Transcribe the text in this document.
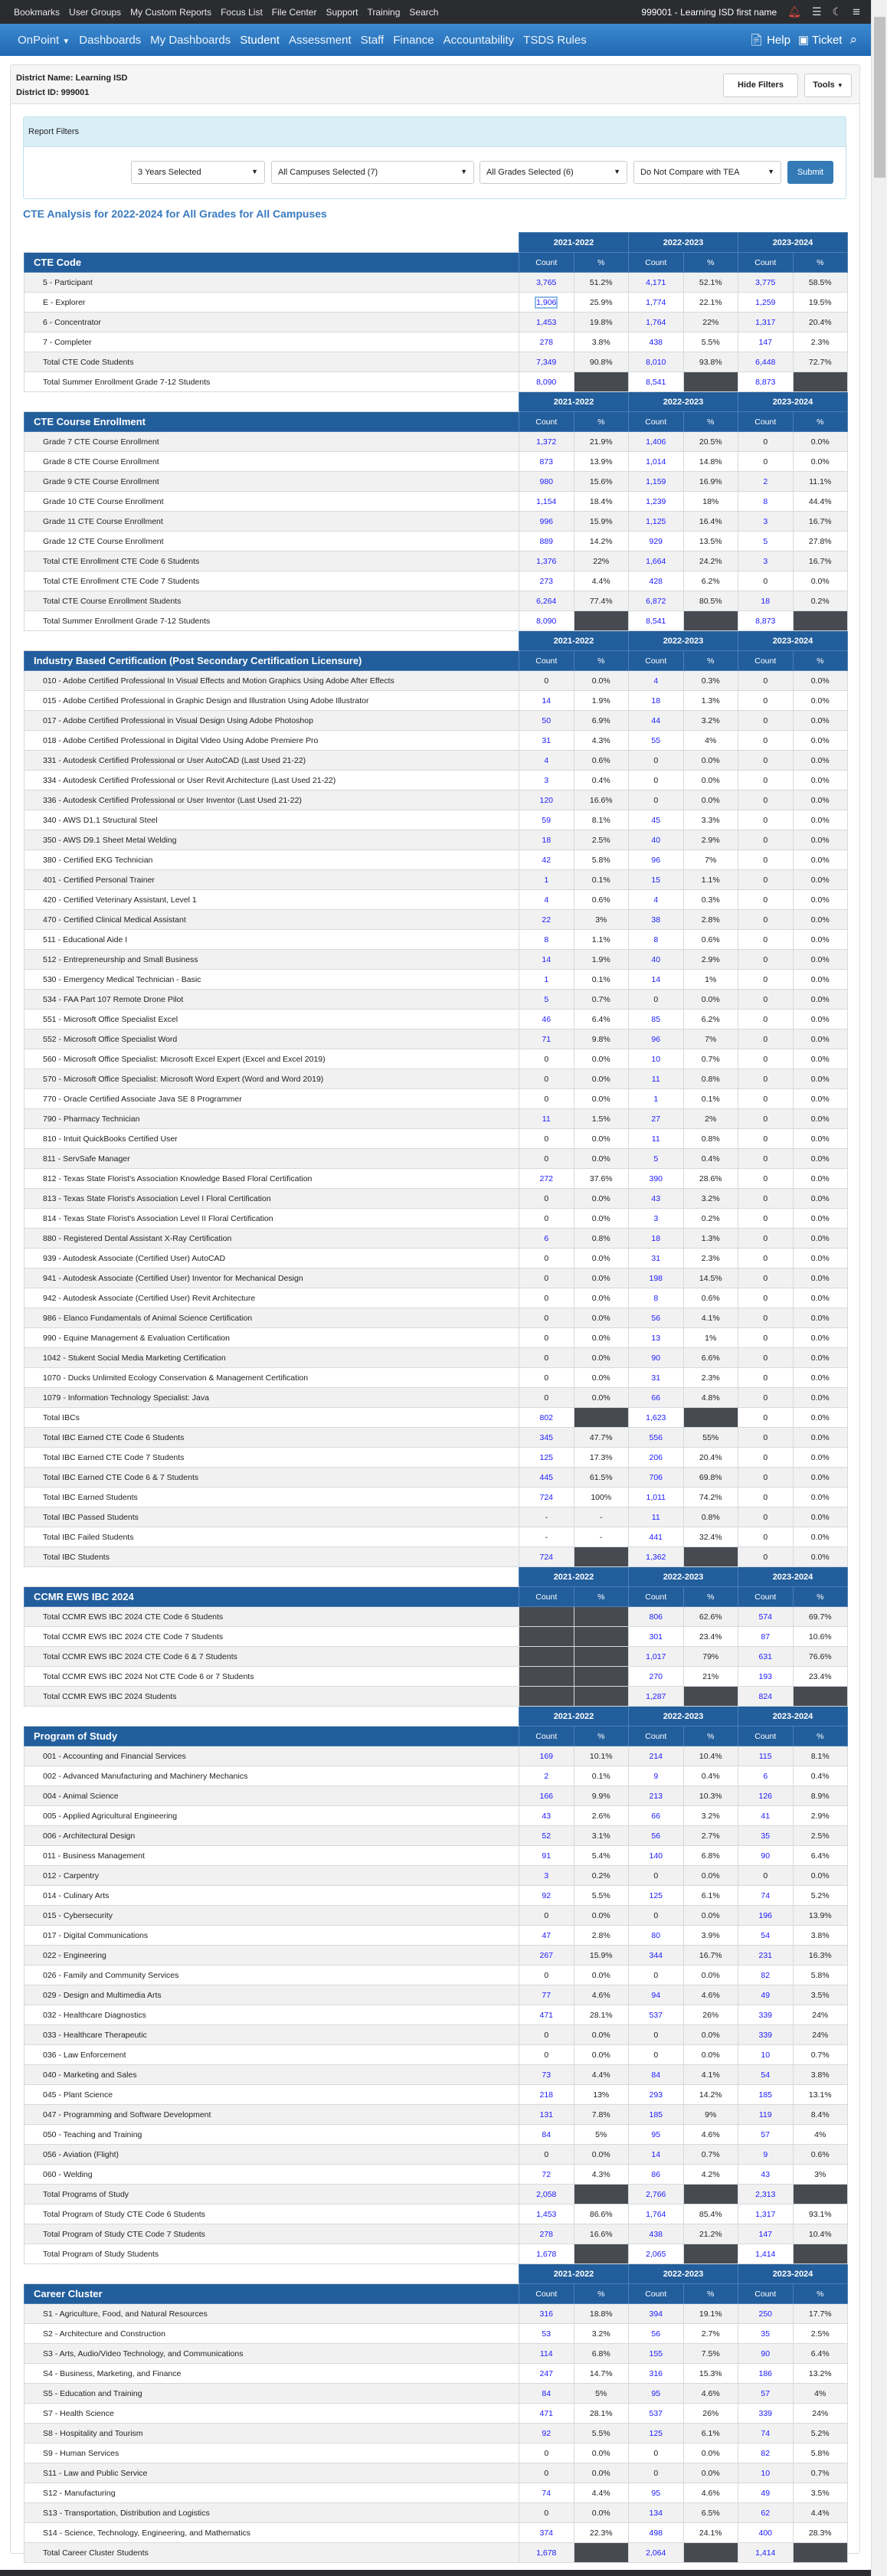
Bookmarks User Groups My Custom Reports Focus List File Center Support Training Search	999001 - Learning ISD first name 🔔︎ ☰ ☾ ≡
OnPoint ▼ Dashboards My Dashboards Student Assessment Staff Finance Accountability TSDS Rules	📄︎ Help ▣ Ticket ⌕
District Name: Learning ISD
District ID: 999001
Hide Filters	Tools
▼
Report Filters
3 Years Selected	▼	All Campuses Selected (7)	▼	All Grades Selected (6)	▼	Do Not Compare with TEA	▼	Submit
CTE Analysis for 2022-2024 for All Grades for All Campuses
	2021-2022		2022-2023		2023-2024	
CTE Code	Count	%	Count	%	Count	%
5 - Participant	3,765	51.2%	4,171	52.1%	3,775	58.5%
E - Explorer	1,906	25.9%	1,774	22.1%	1,259	19.5%
6 - Concentrator	1,453	19.8%	1,764	22%	1,317	20.4%
7 - Completer	278	3.8%	438	5.5%	147	2.3%
Total CTE Code Students	7,349	90.8%	8,010	93.8%	6,448	72.7%
Total Summer Enrollment Grade 7-12 Students	8,090		8,541		8,873	
	2021-2022		2022-2023		2023-2024	
CTE Course Enrollment	Count	%	Count	%	Count	%
Grade 7 CTE Course Enrollment	1,372	21.9%	1,406	20.5%	0	0.0%
Grade 8 CTE Course Enrollment	873	13.9%	1,014	14.8%	0	0.0%
Grade 9 CTE Course Enrollment	980	15.6%	1,159	16.9%	2	11.1%
Grade 10 CTE Course Enrollment	1,154	18.4%	1,239	18%	8	44.4%
Grade 11 CTE Course Enrollment	996	15.9%	1,125	16.4%	3	16.7%
Grade 12 CTE Course Enrollment	889	14.2%	929	13.5%	5	27.8%
Total CTE Enrollment CTE Code 6 Students	1,376	22%	1,664	24.2%	3	16.7%
Total CTE Enrollment CTE Code 7 Students	273	4.4%	428	6.2%	0	0.0%
Total CTE Course Enrollment Students	6,264	77.4%	6,872	80.5%	18	0.2%
Total Summer Enrollment Grade 7-12 Students	8,090		8,541		8,873	
	2021-2022		2022-2023		2023-2024	
Industry Based Certification (Post Secondary Certification Licensure)	Count	%	Count	%	Count	%
010 - Adobe Certified Professional In Visual Effects and Motion Graphics Using Adobe After Effects	0	0.0%	4	0.3%	0	0.0%
015 - Adobe Certified Professional in Graphic Design and Illustration Using Adobe Illustrator	14	1.9%	18	1.3%	0	0.0%
017 - Adobe Certified Professional in Visual Design Using Adobe Photoshop	50	6.9%	44	3.2%	0	0.0%
018 - Adobe Certified Professional in Digital Video Using Adobe Premiere Pro	31	4.3%	55	4%	0	0.0%
331 - Autodesk Certified Professional or User AutoCAD (Last Used 21-22)	4	0.6%	0	0.0%	0	0.0%
334 - Autodesk Certified Professional or User Revit Architecture (Last Used 21-22)	3	0.4%	0	0.0%	0	0.0%
336 - Autodesk Certified Professional or User Inventor (Last Used 21-22)	120	16.6%	0	0.0%	0	0.0%
340 - AWS D1.1 Structural Steel	59	8.1%	45	3.3%	0	0.0%
350 - AWS D9.1 Sheet Metal Welding	18	2.5%	40	2.9%	0	0.0%
380 - Certified EKG Technician	42	5.8%	96	7%	0	0.0%
401 - Certified Personal Trainer	1	0.1%	15	1.1%	0	0.0%
420 - Certified Veterinary Assistant, Level 1	4	0.6%	4	0.3%	0	0.0%
470 - Certified Clinical Medical Assistant	22	3%	38	2.8%	0	0.0%
511 - Educational Aide I	8	1.1%	8	0.6%	0	0.0%
512 - Entrepreneurship and Small Business	14	1.9%	40	2.9%	0	0.0%
530 - Emergency Medical Technician - Basic	1	0.1%	14	1%	0	0.0%
534 - FAA Part 107 Remote Drone Pilot	5	0.7%	0	0.0%	0	0.0%
551 - Microsoft Office Specialist Excel	46	6.4%	85	6.2%	0	0.0%
552 - Microsoft Office Specialist Word	71	9.8%	96	7%	0	0.0%
560 - Microsoft Office Specialist: Microsoft Excel Expert (Excel and Excel 2019)	0	0.0%	10	0.7%	0	0.0%
570 - Microsoft Office Specialist: Microsoft Word Expert (Word and Word 2019)	0	0.0%	11	0.8%	0	0.0%
770 - Oracle Certified Associate Java SE 8 Programmer	0	0.0%	1	0.1%	0	0.0%
790 - Pharmacy Technician	11	1.5%	27	2%	0	0.0%
810 - Intuit QuickBooks Certified User	0	0.0%	11	0.8%	0	0.0%
811 - ServSafe Manager	0	0.0%	5	0.4%	0	0.0%
812 - Texas State Florist's Association Knowledge Based Floral Certification	272	37.6%	390	28.6%	0	0.0%
813 - Texas State Florist's Association Level I Floral Certification	0	0.0%	43	3.2%	0	0.0%
814 - Texas State Florist's Association Level II Floral Certification	0	0.0%	3	0.2%	0	0.0%
880 - Registered Dental Assistant X-Ray Certification	6	0.8%	18	1.3%	0	0.0%
939 - Autodesk Associate (Certified User) AutoCAD	0	0.0%	31	2.3%	0	0.0%
941 - Autodesk Associate (Certified User) Inventor for Mechanical Design	0	0.0%	198	14.5%	0	0.0%
942 - Autodesk Associate (Certified User) Revit Architecture	0	0.0%	8	0.6%	0	0.0%
986 - Elanco Fundamentals of Animal Science Certification	0	0.0%	56	4.1%	0	0.0%
990 - Equine Management & Evaluation Certification	0	0.0%	13	1%	0	0.0%
1042 - Stukent Social Media Marketing Certification	0	0.0%	90	6.6%	0	0.0%
1070 - Ducks Unlimited Ecology Conservation & Management Certification	0	0.0%	31	2.3%	0	0.0%
1079 - Information Technology Specialist: Java	0	0.0%	66	4.8%	0	0.0%
Total IBCs	802		1,623		0	0.0%
Total IBC Earned CTE Code 6 Students	345	47.7%	556	55%	0	0.0%
Total IBC Earned CTE Code 7 Students	125	17.3%	206	20.4%	0	0.0%
Total IBC Earned CTE Code 6 & 7 Students	445	61.5%	706	69.8%	0	0.0%
Total IBC Earned Students	724	100%	1,011	74.2%	0	0.0%
Total IBC Passed Students	-	-	11	0.8%	0	0.0%
Total IBC Failed Students	-	-	441	32.4%	0	0.0%
Total IBC Students	724		1,362		0	0.0%
	2021-2022		2022-2023		2023-2024	
CCMR EWS IBC 2024	Count	%	Count	%	Count	%
Total CCMR EWS IBC 2024 CTE Code 6 Students			806	62.6%	574	69.7%
Total CCMR EWS IBC 2024 CTE Code 7 Students			301	23.4%	87	10.6%
Total CCMR EWS IBC 2024 CTE Code 6 & 7 Students			1,017	79%	631	76.6%
Total CCMR EWS IBC 2024 Not CTE Code 6 or 7 Students			270	21%	193	23.4%
Total CCMR EWS IBC 2024 Students			1,287		824	
	2021-2022		2022-2023		2023-2024	
Program of Study	Count	%	Count	%	Count	%
001 - Accounting and Financial Services	169	10.1%	214	10.4%	115	8.1%
002 - Advanced Manufacturing and Machinery Mechanics	2	0.1%	9	0.4%	6	0.4%
004 - Animal Science	166	9.9%	213	10.3%	126	8.9%
005 - Applied Agricultural Engineering	43	2.6%	66	3.2%	41	2.9%
006 - Architectural Design	52	3.1%	56	2.7%	35	2.5%
011 - Business Management	91	5.4%	140	6.8%	90	6.4%
012 - Carpentry	3	0.2%	0	0.0%	0	0.0%
014 - Culinary Arts	92	5.5%	125	6.1%	74	5.2%
015 - Cybersecurity	0	0.0%	0	0.0%	196	13.9%
017 - Digital Communications	47	2.8%	80	3.9%	54	3.8%
022 - Engineering	267	15.9%	344	16.7%	231	16.3%
026 - Family and Community Services	0	0.0%	0	0.0%	82	5.8%
029 - Design and Multimedia Arts	77	4.6%	94	4.6%	49	3.5%
032 - Healthcare Diagnostics	471	28.1%	537	26%	339	24%
033 - Healthcare Therapeutic	0	0.0%	0	0.0%	339	24%
036 - Law Enforcement	0	0.0%	0	0.0%	10	0.7%
040 - Marketing and Sales	73	4.4%	84	4.1%	54	3.8%
045 - Plant Science	218	13%	293	14.2%	185	13.1%
047 - Programming and Software Development	131	7.8%	185	9%	119	8.4%
050 - Teaching and Training	84	5%	95	4.6%	57	4%
056 - Aviation (Flight)	0	0.0%	14	0.7%	9	0.6%
060 - Welding	72	4.3%	86	4.2%	43	3%
Total Programs of Study	2,058		2,766		2,313	
Total Program of Study CTE Code 6 Students	1,453	86.6%	1,764	85.4%	1,317	93.1%
Total Program of Study CTE Code 7 Students	278	16.6%	438	21.2%	147	10.4%
Total Program of Study Students	1,678		2,065		1,414	
	2021-2022		2022-2023		2023-2024	
Career Cluster	Count	%	Count	%	Count	%
S1 - Agriculture, Food, and Natural Resources	316	18.8%	394	19.1%	250	17.7%
S2 - Architecture and Construction	53	3.2%	56	2.7%	35	2.5%
S3 - Arts, Audio/Video Technology, and Communications	114	6.8%	155	7.5%	90	6.4%
S4 - Business, Marketing, and Finance	247	14.7%	316	15.3%	186	13.2%
S5 - Education and Training	84	5%	95	4.6%	57	4%
S7 - Health Science	471	28.1%	537	26%	339	24%
S8 - Hospitality and Tourism	92	5.5%	125	6.1%	74	5.2%
S9 - Human Services	0	0.0%	0	0.0%	82	5.8%
S11 - Law and Public Service	0	0.0%	0	0.0%	10	0.7%
S12 - Manufacturing	74	4.4%	95	4.6%	49	3.5%
S13 - Transportation, Distribution and Logistics	0	0.0%	134	6.5%	62	4.4%
S14 - Science, Technology, Engineering, and Mathematics	374	22.3%	498	24.1%	400	28.3%
Total Career Cluster Students	1,678		2,064		1,414	
